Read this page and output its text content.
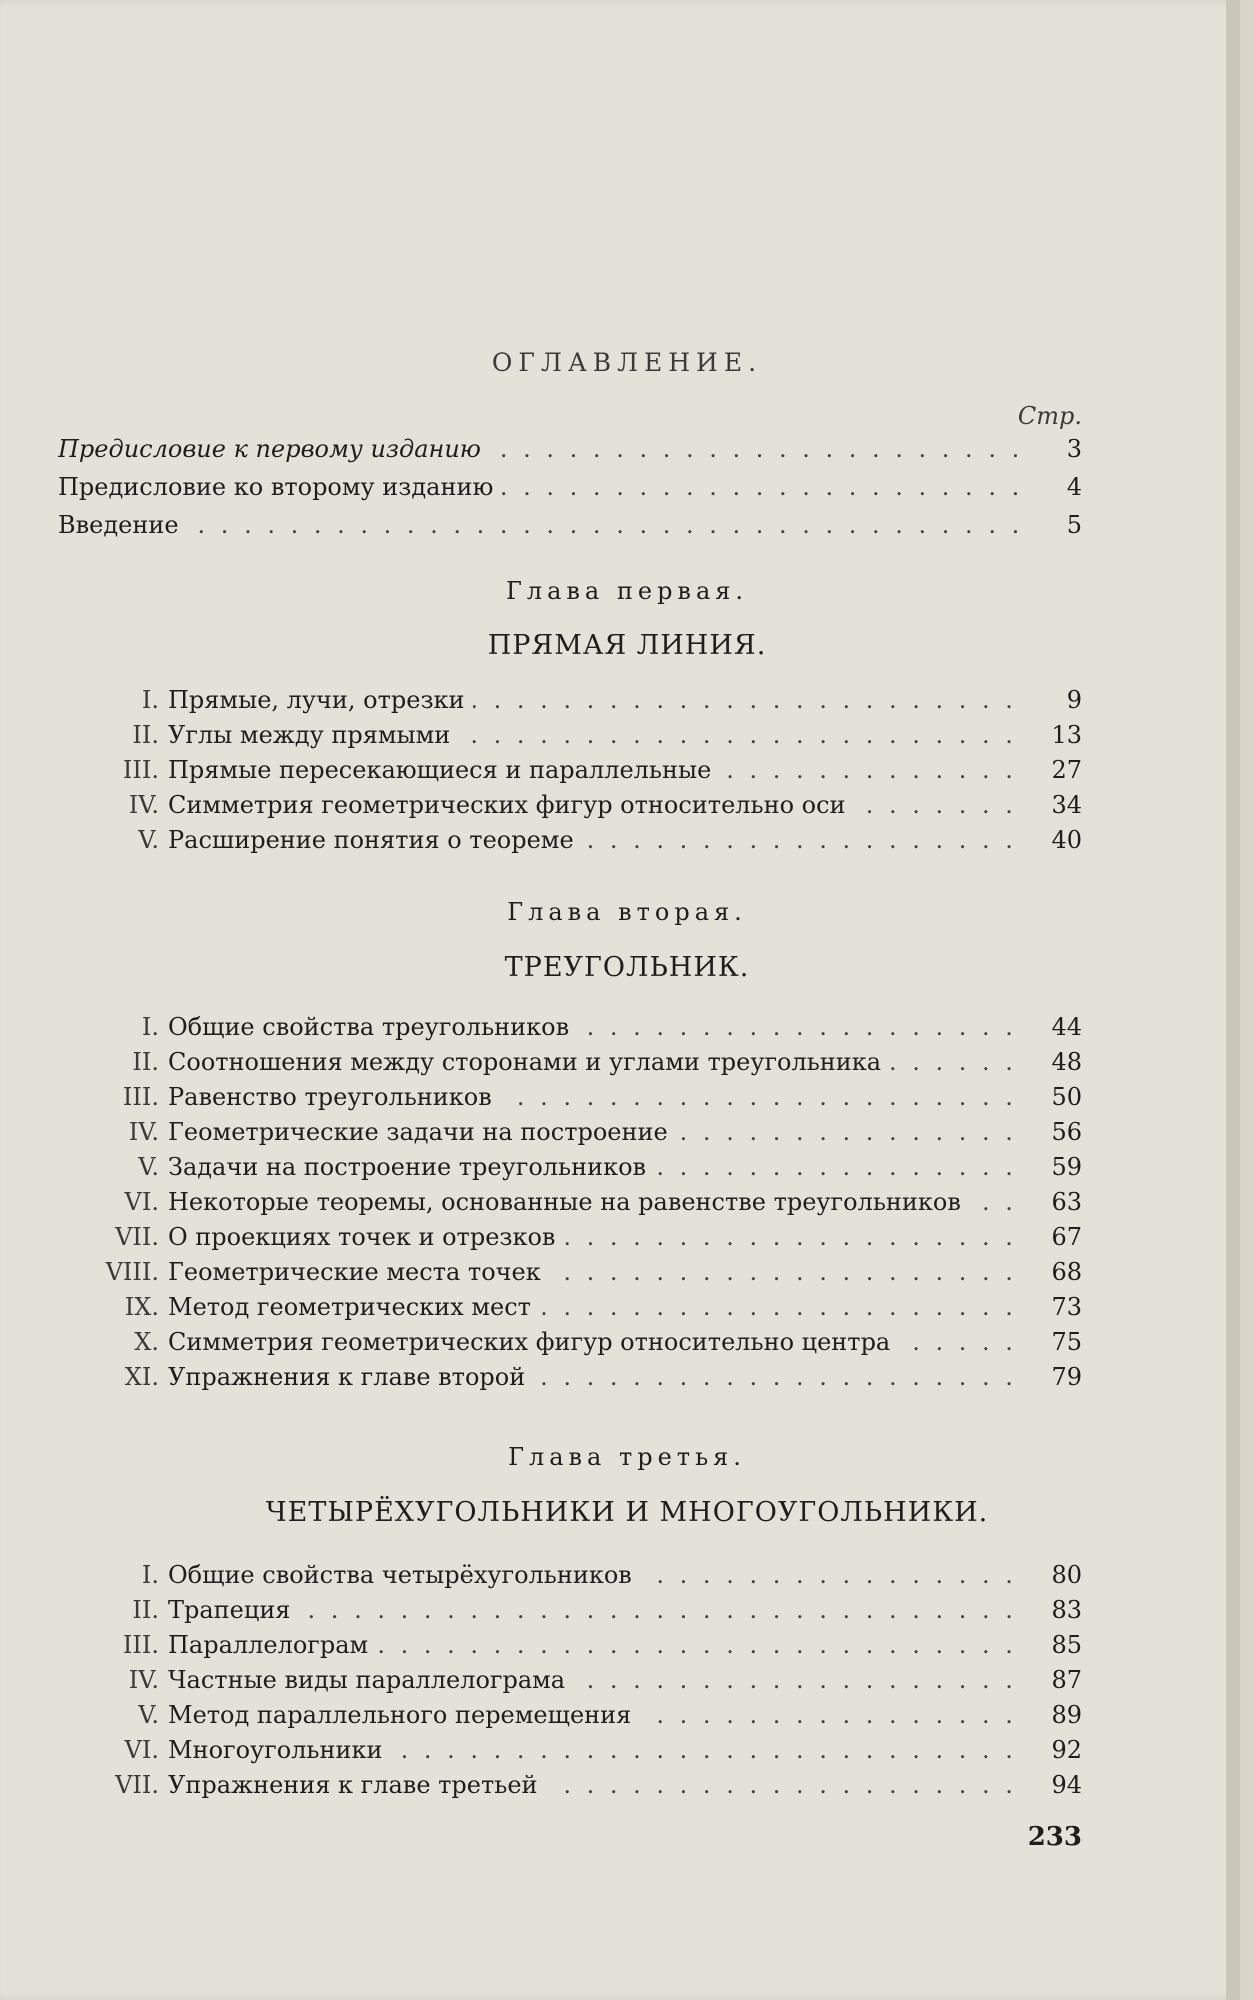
ОГЛАВЛЕНИЕ.
Стр.
Предисловие к первому изданию . . .	3
Предисловие ко второму изданию . . .	4
Введение . . .	5
Глава первая.
ПРЯМАЯ ЛИНИЯ.
I. Прямые, лучи, отрезки . . .	9
II. Углы между прямыми . . .	13
III. Прямые пересекающиеся и параллельные . . .	27
IV. Симметрия геометрических фигур относительно оси . . .	34
V. Расширение понятия о теореме . . .	40
Глава вторая.
ТРЕУГОЛЬНИК.
I. Общие свойства треугольников . . .	44
II. Соотношения между сторонами и углами треугольника . . .	48
III. Равенство треугольников . . .	50
IV. Геометрические задачи на построение . . .	56
V. Задачи на построение треугольников . . .	59
VI. Некоторые теоремы, основанные на равенстве треугольников . . .	63
VII. О проекциях точек и отрезков . . .	67
VIII. Геометрические места точек . . .	68
IX. Метод геометрических мест . . .	73
X. Симметрия геометрических фигур относительно центра . . .	75
XI. Упражнения к главе второй . . .	79
Глава третья.
ЧЕТЫРЁХУГОЛЬНИКИ И МНОГОУГОЛЬНИКИ.
I. Общие свойства четырёхугольников . . .	80
II. Трапеция . . .	83
III. Параллелограм . . .	85
IV. Частные виды параллелограма . . .	87
V. Метод параллельного перемещения . . .	89
VI. Многоугольники . . .	92
VII. Упражнения к главе третьей . . .	94
233
